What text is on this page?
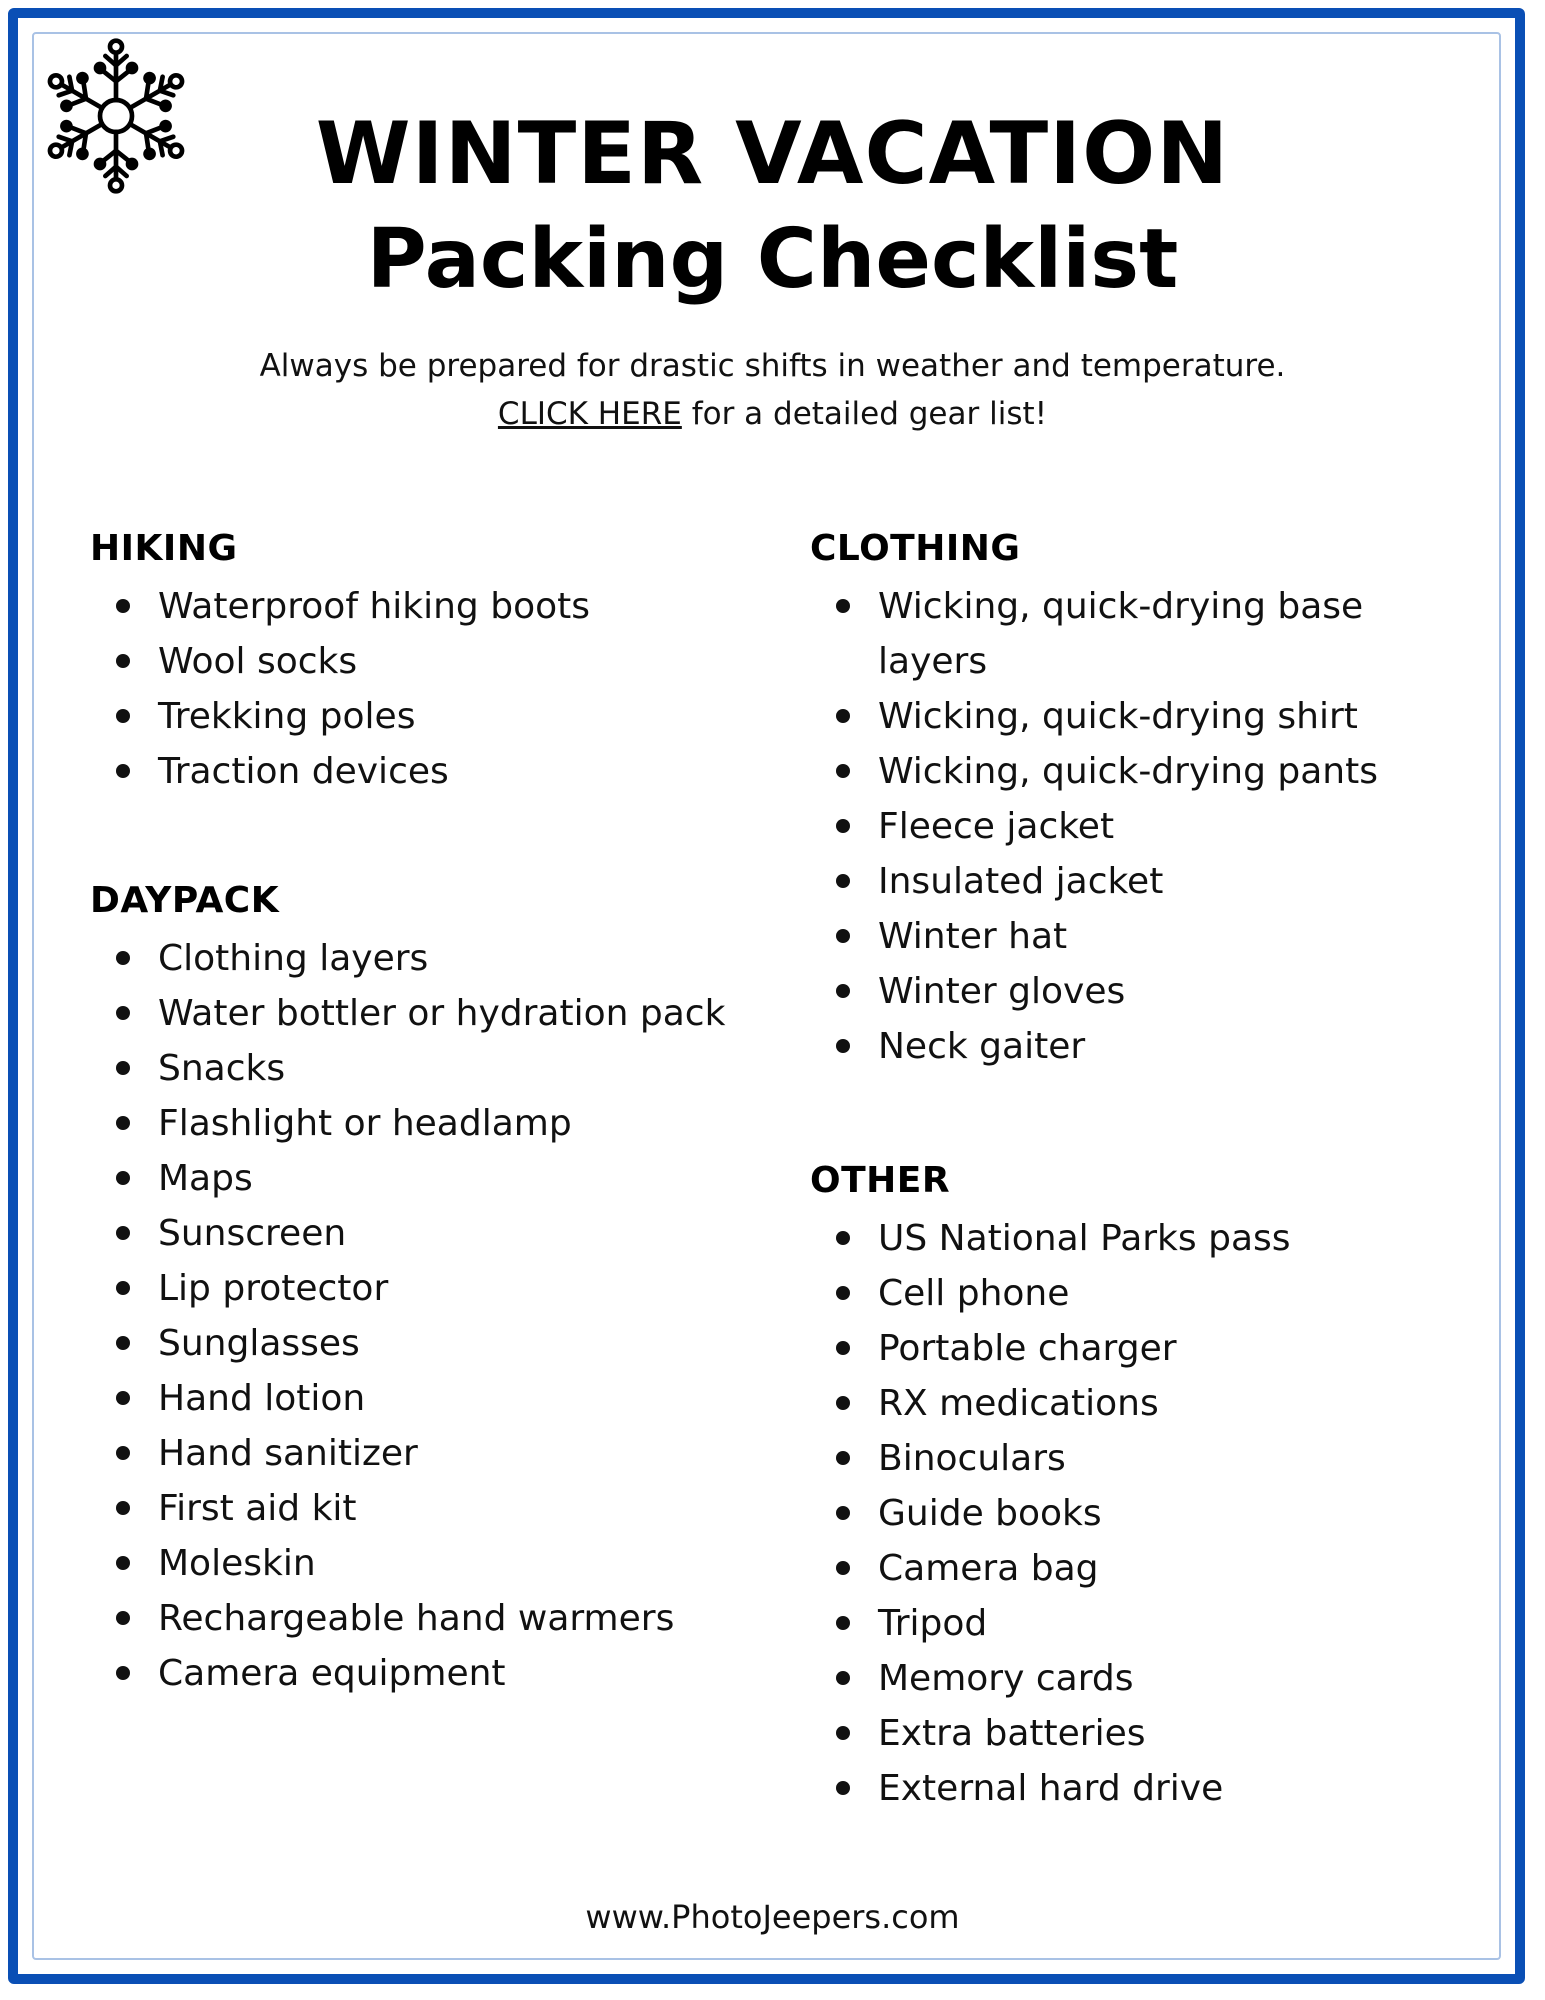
WINTER VACATION
Packing Checklist
Always be prepared for drastic shifts in weather and temperature.
CLICK HERE for a detailed gear list!
HIKING
Waterproof hiking boots
Wool socks
Trekking poles
Traction devices
DAYPACK
Clothing layers
Water bottler or hydration pack
Snacks
Flashlight or headlamp
Maps
Sunscreen
Lip protector
Sunglasses
Hand lotion
Hand sanitizer
First aid kit
Moleskin
Rechargeable hand warmers
Camera equipment
CLOTHING
Wicking, quick-drying base layers
Wicking, quick-drying shirt
Wicking, quick-drying pants
Fleece jacket
Insulated jacket
Winter hat
Winter gloves
Neck gaiter
OTHER
US National Parks pass
Cell phone
Portable charger
RX medications
Binoculars
Guide books
Camera bag
Tripod
Memory cards
Extra batteries
External hard drive
www.PhotoJeepers.com
